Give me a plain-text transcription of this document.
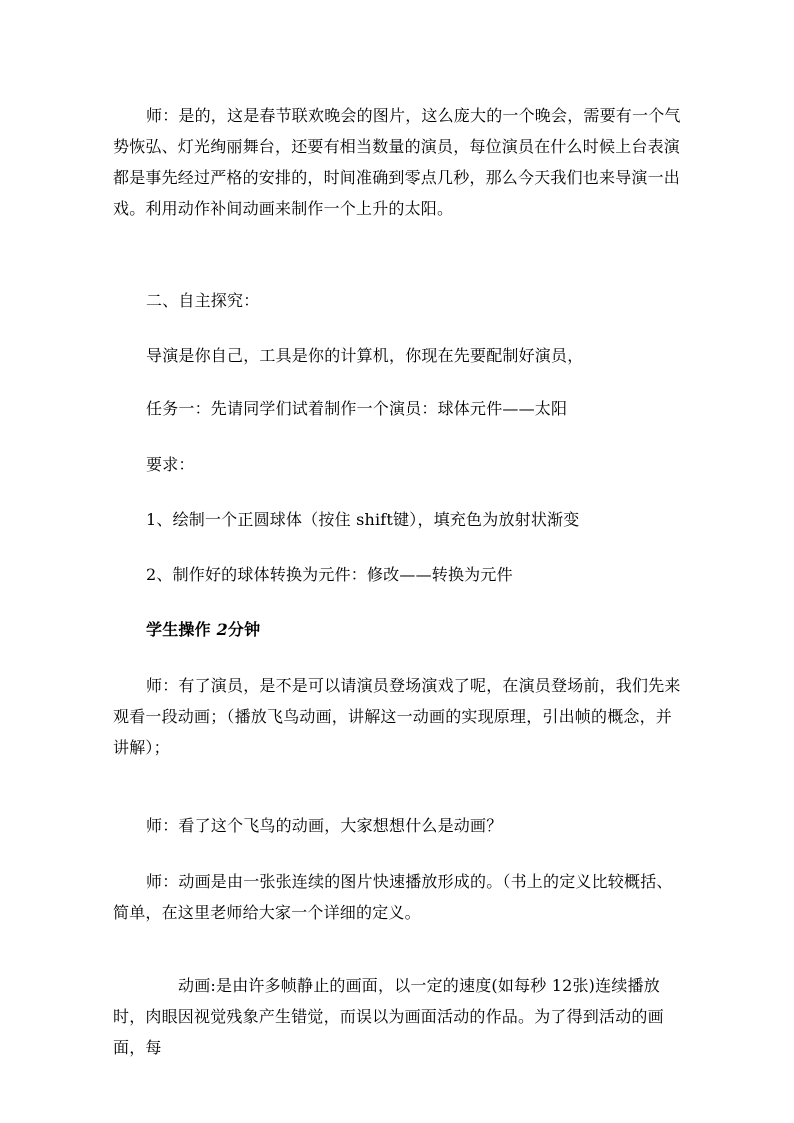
师：是的，这是春节联欢晚会的图片，这么庞大的一个晚会，需要有一个气势恢弘、灯光绚丽舞台，还要有相当数量的演员，每位演员在什么时候上台表演都是事先经过严格的安排的，时间准确到零点几秒，那么今天我们也来导演一出戏。利用动作补间动画来制作一个上升的太阳。

二、自主探究：

导演是你自己，工具是你的计算机，你现在先要配制好演员，

任务一：先请同学们试着制作一个演员：球体元件——太阳

要求：

1、绘制一个正圆球体（按住 shift键），填充色为放射状渐变

2、制作好的球体转换为元件：修改——转换为元件

学生操作 2分钟

师：有了演员，是不是可以请演员登场演戏了呢，在演员登场前，我们先来观看一段动画；（播放飞鸟动画，讲解这一动画的实现原理，引出帧的概念，并讲解）；

师：看了这个飞鸟的动画，大家想想什么是动画？

师：动画是由一张张连续的图片快速播放形成的。（书上的定义比较概括、简单，在这里老师给大家一个详细的定义。

动画:是由许多帧静止的画面，以一定的速度(如每秒 12张)连续播放时，肉眼因视觉残象产生错觉，而误以为画面活动的作品。为了得到活动的画面，每
